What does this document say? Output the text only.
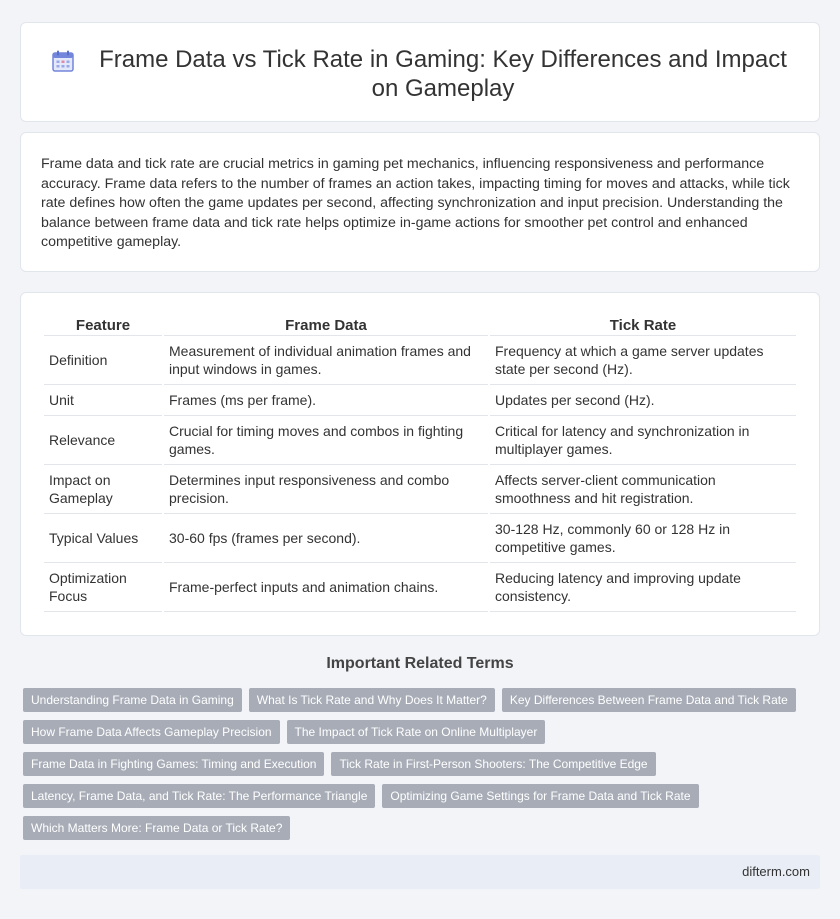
Frame Data vs Tick Rate in Gaming: Key Differences and Impact on Gameplay

Frame data and tick rate are crucial metrics in gaming pet mechanics, influencing responsiveness and performance accuracy. Frame data refers to the number of frames an action takes, impacting timing for moves and attacks, while tick rate defines how often the game updates per second, affecting synchronization and input precision. Understanding the balance between frame data and tick rate helps optimize in-game actions for smoother pet control and enhanced competitive gameplay.

Feature	Frame Data	Tick Rate
Definition	Measurement of individual animation frames and input windows in games.	Frequency at which a game server updates state per second (Hz).
Unit	Frames (ms per frame).	Updates per second (Hz).
Relevance	Crucial for timing moves and combos in fighting games.	Critical for latency and synchronization in multiplayer games.
Impact on Gameplay	Determines input responsiveness and combo precision.	Affects server-client communication smoothness and hit registration.
Typical Values	30-60 fps (frames per second).	30-128 Hz, commonly 60 or 128 Hz in competitive games.
Optimization Focus	Frame-perfect inputs and animation chains.	Reducing latency and improving update consistency.
Important Related Terms
Understanding Frame Data in Gaming	What Is Tick Rate and Why Does It Matter?	Key Differences Between Frame Data and Tick Rate
How Frame Data Affects Gameplay Precision	The Impact of Tick Rate on Online Multiplayer
Frame Data in Fighting Games: Timing and Execution	Tick Rate in First-Person Shooters: The Competitive Edge
Latency, Frame Data, and Tick Rate: The Performance Triangle	Optimizing Game Settings for Frame Data and Tick Rate
Which Matters More: Frame Data or Tick Rate?
difterm.com
